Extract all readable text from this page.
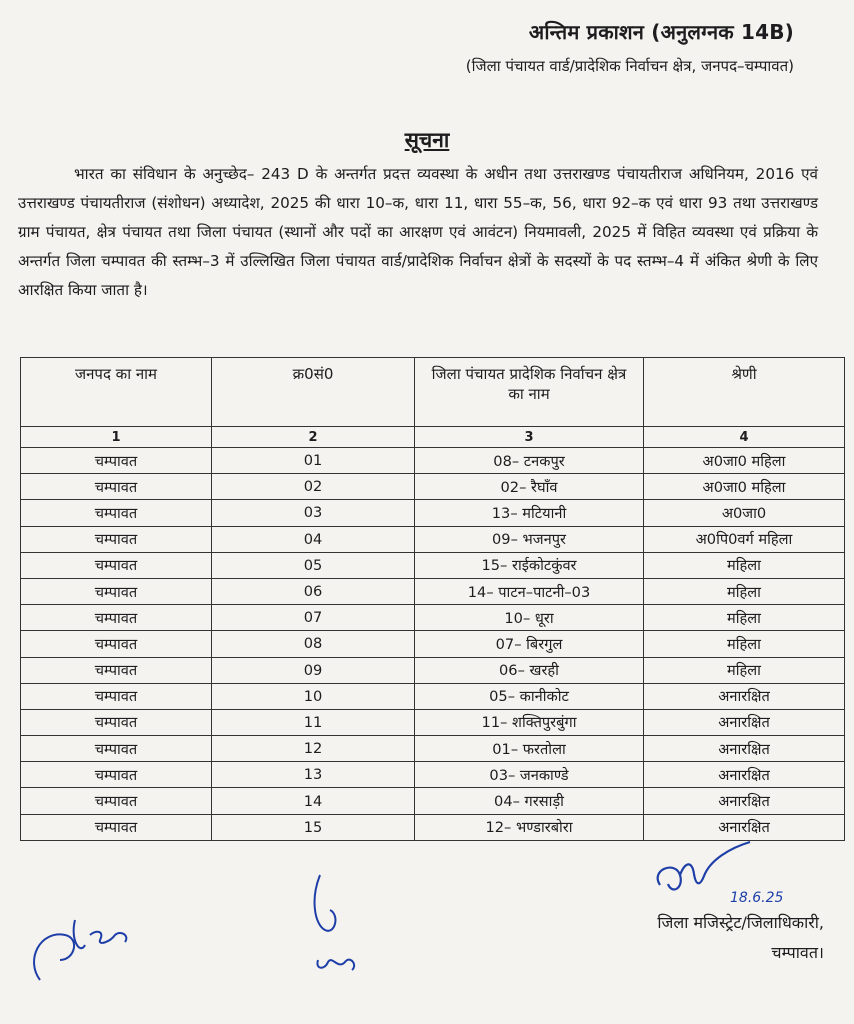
अन्तिम प्रकाशन (अनुलग्नक 14B)
(जिला पंचायत वार्ड/प्रादेशिक निर्वाचन क्षेत्र, जनपद–चम्पावत)
सूचना
भारत का संविधान के अनुच्छेद– 243 D के अन्तर्गत प्रदत्त व्यवस्था के अधीन तथा उत्तराखण्ड पंचायतीराज अधिनियम, 2016 एवं उत्तराखण्ड पंचायतीराज (संशोधन) अध्यादेश, 2025 की धारा 10–क, धारा 11, धारा 55–क, 56, धारा 92–क एवं धारा 93 तथा उत्तराखण्ड ग्राम पंचायत, क्षेत्र पंचायत तथा जिला पंचायत (स्थानों और पदों का आरक्षण एवं आवंटन) नियमावली, 2025 में विहित व्यवस्था एवं प्रक्रिया के अन्तर्गत जिला चम्पावत की स्तम्भ–3 में उल्लिखित जिला पंचायत वार्ड/प्रादेशिक निर्वाचन क्षेत्रों के सदस्यों के पद स्तम्भ–4 में अंकित श्रेणी के लिए आरक्षित किया जाता है।
जनपद का नाम	क्र0सं0	जिला पंचायत प्रादेशिक निर्वाचन क्षेत्र का नाम	श्रेणी
1	2	3	4
चम्पावत	01	08– टनकपुर	अ0जा0 महिला
चम्पावत	02	02– रैघाँव	अ0जा0 महिला
चम्पावत	03	13– मटियानी	अ0जा0
चम्पावत	04	09– भजनपुर	अ0पि0वर्ग महिला
चम्पावत	05	15– राईकोटकुंवर	महिला
चम्पावत	06	14– पाटन–पाटनी–03	महिला
चम्पावत	07	10– धूरा	महिला
चम्पावत	08	07– बिरगुल	महिला
चम्पावत	09	06– खरही	महिला
चम्पावत	10	05– कानीकोट	अनारक्षित
चम्पावत	11	11– शक्तिपुरबुंगा	अनारक्षित
चम्पावत	12	01– फरतोला	अनारक्षित
चम्पावत	13	03– जनकाण्डे	अनारक्षित
चम्पावत	14	04– गरसाड़ी	अनारक्षित
चम्पावत	15	12– भण्डारबोरा	अनारक्षित
18.6.25
जिला मजिस्ट्रेट/जिलाधिकारी,
चम्पावत।
